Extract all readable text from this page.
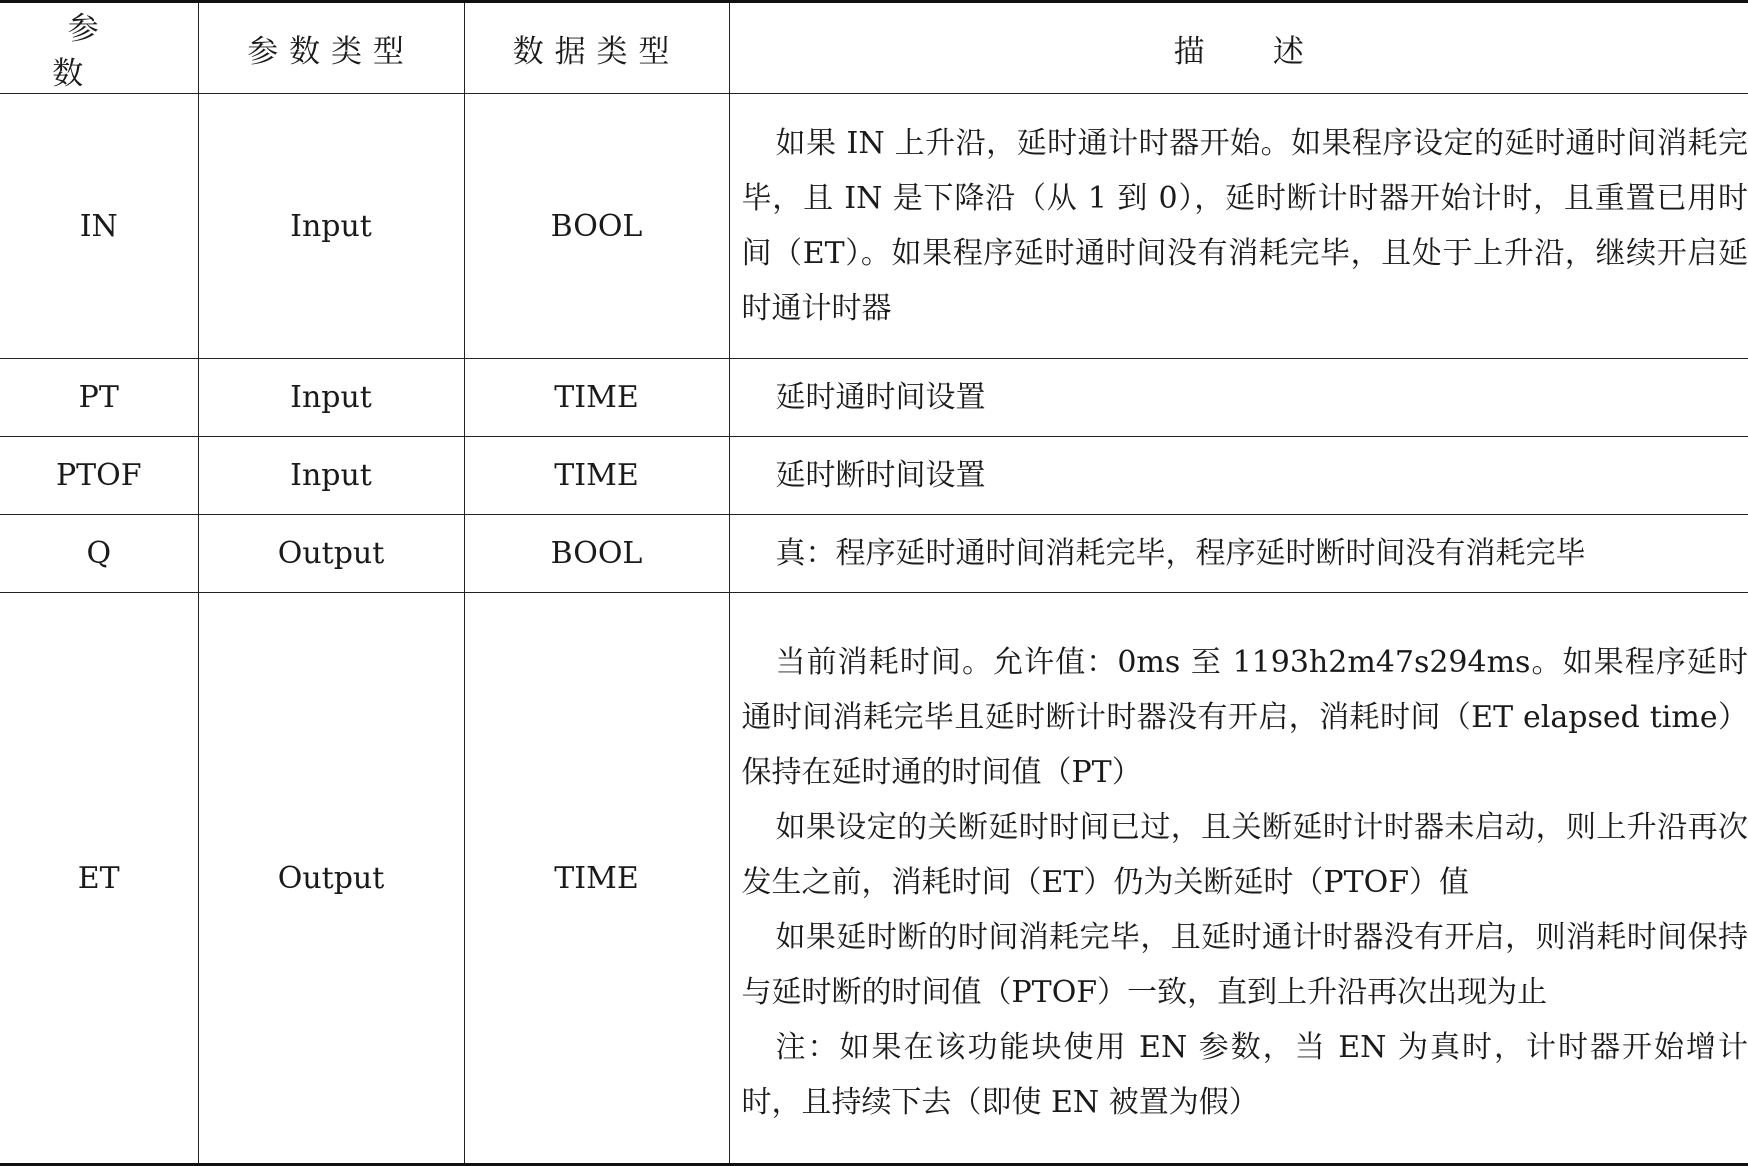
参数	参数类型	数据类型	描述
IN	Input	BOOL	如果 IN 上升沿，延时通计时器开始。如果程序设定的延时通时间消耗完毕，且 IN 是下降沿（从 1 到 0），延时断计时器开始计时，且重置已用时间（ET）。如果程序延时通时间没有消耗完毕，且处于上升沿，继续开启延时通计时器

PT	Input	TIME	延时通时间设置

PTOF	Input	TIME	延时断时间设置

Q	Output	BOOL	真：程序延时通时间消耗完毕，程序延时断时间没有消耗完毕

ET	Output	TIME	当前消耗时间。允许值：0ms 至 1193h2m47s294ms。如果程序延时通时间消耗完毕且延时断计时器没有开启，消耗时间（ET elapsed time）保持在延时通的时间值（PT）
如果设定的关断延时时间已过，且关断延时计时器未启动，则上升沿再次发生之前，消耗时间（ET）仍为关断延时（PTOF）值
如果延时断的时间消耗完毕，且延时通计时器没有开启，则消耗时间保持与延时断的时间值（PTOF）一致，直到上升沿再次出现为止
注：如果在该功能块使用 EN 参数，当 EN 为真时，计时器开始增计时，且持续下去（即使 EN 被置为假）
